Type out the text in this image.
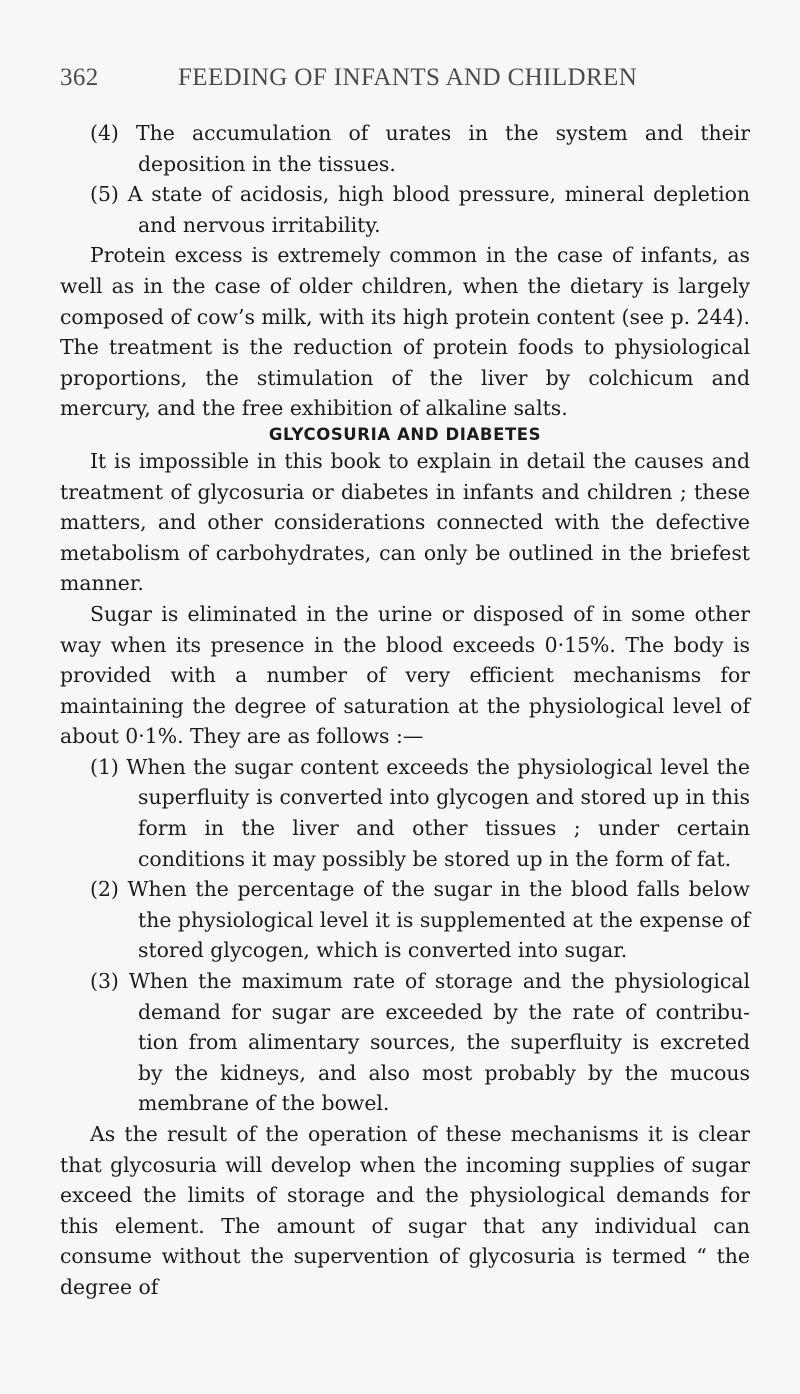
362	FEEDING OF INFANTS AND CHILDREN

(4) The accumulation of urates in the system and their deposition in the tissues.

(5) A state of acidosis, high blood pressure, mineral depletion and nervous irritability.

Protein excess is extremely common in the case of infants, as well as in the case of older children, when the dietary is largely composed of cow’s milk, with its high protein content (see p. 244). The treatment is the reduction of protein foods to physiological proportions, the stimulation of the liver by colchicum and mercury, and the free exhibition of alkaline salts.

GLYCOSURIA AND DIABETES

It is impossible in this book to explain in detail the causes and treatment of glycosuria or diabetes in infants and children ; these matters, and other considerations connected with the defective metabolism of carbohydrates, can only be outlined in the briefest manner.

Sugar is eliminated in the urine or disposed of in some other way when its presence in the blood exceeds 0·15%. The body is provided with a number of very efficient mechanisms for maintaining the degree of saturation at the physiological level of about 0·1%. They are as follows :—

(1) When the sugar content exceeds the physiological level the superfluity is converted into glycogen and stored up in this form in the liver and other tissues ; under certain conditions it may possibly be stored up in the form of fat.

(2) When the percentage of the sugar in the blood falls below the physiological level it is supplemented at the expense of stored glycogen, which is converted into sugar.

(3) When the maximum rate of storage and the physiological demand for sugar are exceeded by the rate of contribu- tion from alimentary sources, the superfluity is excreted by the kidneys, and also most probably by the mucous membrane of the bowel.

As the result of the operation of these mechanisms it is clear that glycosuria will develop when the incoming supplies of sugar exceed the limits of storage and the physiological demands for this element. The amount of sugar that any individual can consume without the supervention of glycosuria is termed “ the degree of
